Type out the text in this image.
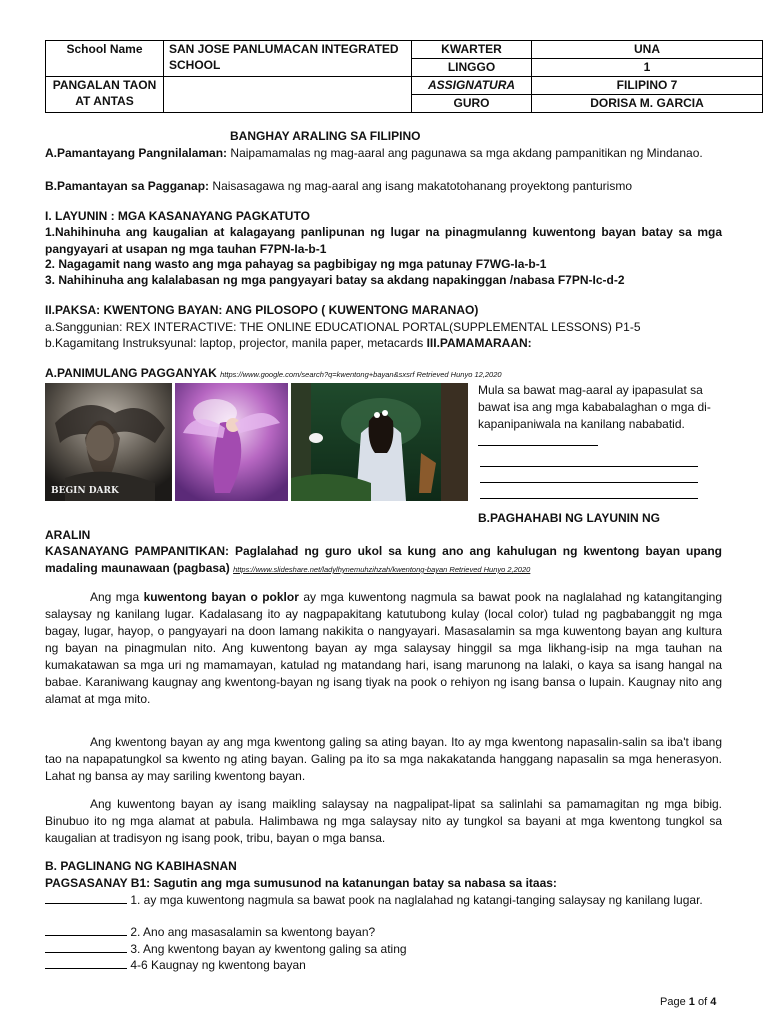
School Name	SAN JOSE PANLUMACAN INTEGRATED SCHOOL	KWARTER	UNA
		LINGGO	1
PANGALAN TAON AT ANTAS		ASSIGNATURA	FILIPINO 7
		GURO	DORISA M. GARCIA
BANGHAY ARALING SA FILIPINO
A.Pamantayang Pangnilalaman: Naipamamalas ng mag-aaral ang pagunawa sa mga akdang pampanitikan ng Mindanao.
B.Pamantayan sa Pagganap: Naisasagawa ng mag-aaral ang isang makatotohanang proyektong panturismo
I. LAYUNIN : MGA KASANAYANG PAGKATUTO
1.Nahihinuha ang kaugalian at kalagayang panlipunan ng lugar na pinagmulanng kuwentong bayan batay sa mga pangyayari at usapan ng mga tauhan F7PN-Ia-b-1
2. Nagagamit nang wasto ang mga pahayag sa pagbibigay ng mga patunay F7WG-Ia-b-1
3. Nahihinuha ang kalalabasan ng mga pangyayari batay sa akdang napakinggan /nabasa F7PN-Ic-d-2
II.PAKSA: KWENTONG BAYAN: ANG PILOSOPO ( KUWENTONG MARANAO)
a.Sanggunian: REX INTERACTIVE: THE ONLINE EDUCATIONAL PORTAL(SUPPLEMENTAL LESSONS) P1-5
b.Kagamitang Instruksyunal: laptop, projector, manila paper, metacards III.PAMAMARAAN:
A.PANIMULANG PAGGANYAK https://www.google.com/search?q=kwentong+bayan&sxsrf Retrieved Hunyo 12,2020
BEGIN DARK
Mula sa bawat mag-aaral ay ipapasulat sa bawat isa ang mga kababalaghan o mga di-kapanipaniwala na kanilang nababatid.
B.PAGHAHABI NG LAYUNIN NG
ARALIN
KASANAYANG PAMPANITIKAN: Paglalahad ng guro ukol sa kung ano ang kahulugan ng kwentong bayan upang madaling maunawaan (pagbasa) https://www.slideshare.net/ladylhynemuhzihzah/kwentong-bayan Retrieved Hunyo 2,2020
Ang mga kuwentong bayan o poklor ay mga kuwentong nagmula sa bawat pook na naglalahad ng katangitanging salaysay ng kanilang lugar. Kadalasang ito ay nagpapakitang katutubong kulay (local color) tulad ng pagbabanggit ng mga bagay, lugar, hayop, o pangyayari na doon lamang nakikita o nangyayari. Masasalamin sa mga kuwentong bayan ang kultura ng bayan na pinagmulan nito. Ang kuwentong bayan ay mga salaysay hinggil sa mga likhang-isip na mga tauhan na kumakatawan sa mga uri ng mamamayan, katulad ng matandang hari, isang marunong na lalaki, o kaya sa isang hangal na babae. Karaniwang kaugnay ang kwentong-bayan ng isang tiyak na pook o rehiyon ng isang bansa o lupain. Kaugnay nito ang alamat at mga mito.
Ang kwentong bayan ay ang mga kwentong galing sa ating bayan. Ito ay mga kwentong napasalin-salin sa iba't ibang tao na napapatungkol sa kwento ng ating bayan. Galing pa ito sa mga nakakatanda hanggang napasalin sa mga henerasyon. Lahat ng bansa ay may sariling kwentong bayan.
Ang kuwentong bayan ay isang maikling salaysay na nagpalipat-lipat sa salinlahi sa pamamagitan ng mga bibig. Binubuo ito ng mga alamat at pabula. Halimbawa ng mga salaysay nito ay tungkol sa bayani at mga kwentong tungkol sa kaugalian at tradisyon ng isang pook, tribu, bayan o mga bansa.
B. PAGLINANG NG KABIHASNAN
PAGSASANAY B1: Sagutin ang mga sumusunod na katanungan batay sa nabasa sa itaas:
1. ay mga kuwentong nagmula sa bawat pook na naglalahad ng katangi-tanging salaysay ng kanilang lugar.
2. Ano ang masasalamin sa kwentong bayan?
3. Ang kwentong bayan ay kwentong galing sa ating
4-6 Kaugnay ng kwentong bayan
Page 1 of 4
